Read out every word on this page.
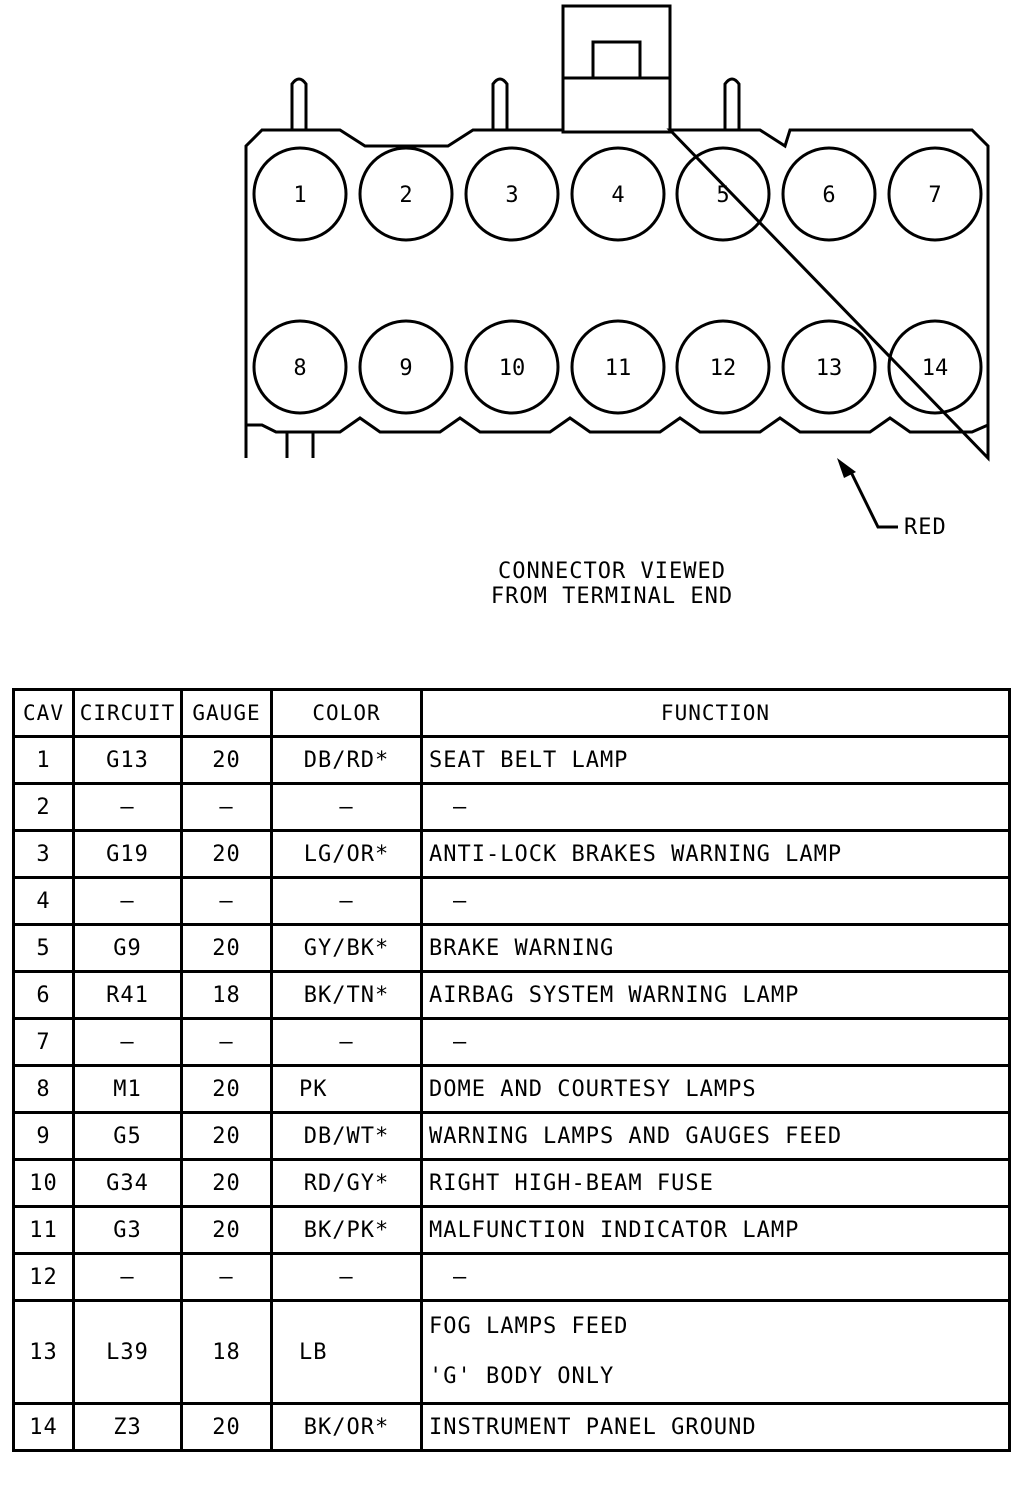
1	2	3	4	5	6	7
8	9	10	11	12	13	14
RED
CONNECTOR VIEWED
FROM TERMINAL END
CAV	CIRCUIT	GAUGE	COLOR	FUNCTION
1	G13	20	DB/RD*	SEAT BELT LAMP
2	—	—	—	—
3	G19	20	LG/OR*	ANTI-LOCK BRAKES WARNING LAMP
4	—	—	—	—
5	G9	20	GY/BK*	BRAKE WARNING
6	R41	18	BK/TN*	AIRBAG SYSTEM WARNING LAMP
7	—	—	—	—
8	M1	20	PK	DOME AND COURTESY LAMPS
9	G5	20	DB/WT*	WARNING LAMPS AND GAUGES FEED
10	G34	20	RD/GY*	RIGHT HIGH-BEAM FUSE
11	G3	20	BK/PK*	MALFUNCTION INDICATOR LAMP
12	—	—	—	—
13	L39	18	LB	FOG LAMPS FEED
'G' BODY ONLY

14	Z3	20	BK/OR*	INSTRUMENT PANEL GROUND
